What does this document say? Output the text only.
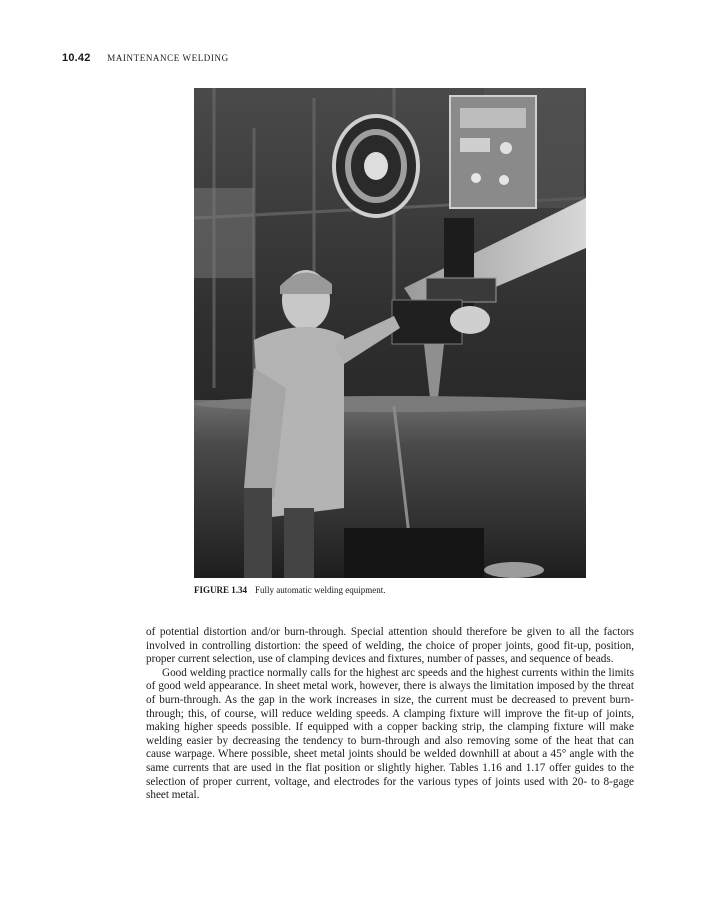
10.42 MAINTENANCE WELDING
FIGURE 1.34 Fully automatic welding equipment.

of potential distortion and/or burn-through. Special attention should therefore be given to all the factors involved in controlling distortion: the speed of welding, the choice of proper joints, good fit-up, position, proper current selection, use of clamping devices and fixtures, number of passes, and sequence of beads.

Good welding practice normally calls for the highest arc speeds and the highest currents within the limits of good weld appearance. In sheet metal work, however, there is always the limitation imposed by the threat of burn-through. As the gap in the work increases in size, the current must be decreased to prevent burn-through; this, of course, will reduce welding speeds. A clamping fixture will improve the fit-up of joints, making higher speeds possible. If equipped with a copper backing strip, the clamping fixture will make welding easier by decreasing the tendency to burn-through and also removing some of the heat that can cause warpage. Where possible, sheet metal joints should be welded downhill at about a 45° angle with the same currents that are used in the flat position or slightly higher. Tables 1.16 and 1.17 offer guides to the selection of proper current, voltage, and electrodes for the various types of joints used with 20- to 8-gage sheet metal.
